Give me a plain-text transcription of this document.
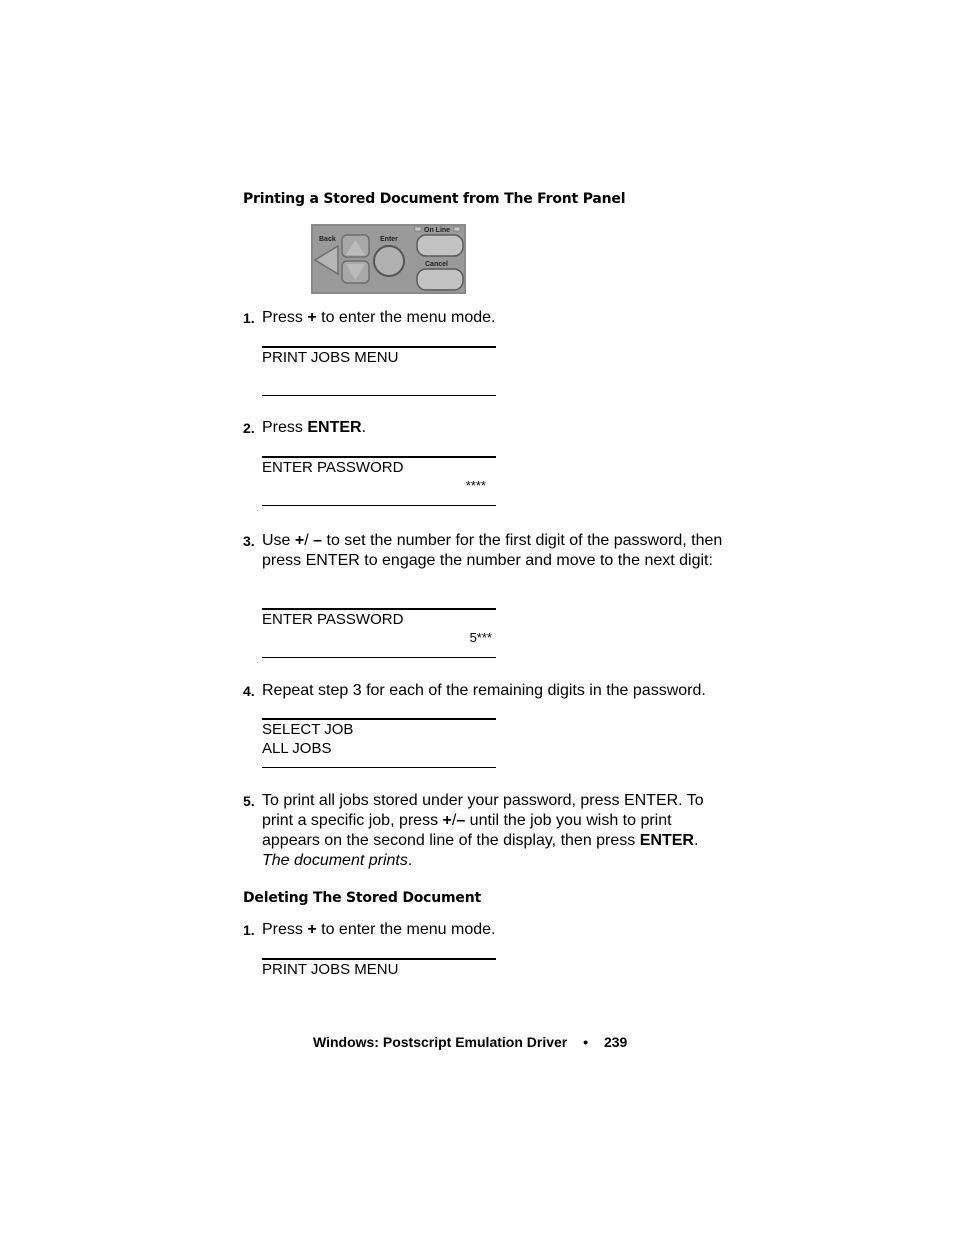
Printing a Stored Document from The Front Panel
Back	Enter
On Line
Cancel
1. Press + to enter the menu mode.
PRINT JOBS MENU
2. Press ENTER.
ENTER PASSWORD
****
3. Use +/ – to set the number for the first digit of the password, then press ENTER to engage the number and move to the next digit:
ENTER PASSWORD
5***
4. Repeat step 3 for each of the remaining digits in the password.
SELECT JOB
ALL JOBS
5. To print all jobs stored under your password, press ENTER. To print a specific job, press +/– until the job you wish to print appears on the second line of the display, then press ENTER.
The document prints.
Deleting The Stored Document
1. Press + to enter the menu mode.
PRINT JOBS MENU
Windows: Postscript Emulation Driver • 239
